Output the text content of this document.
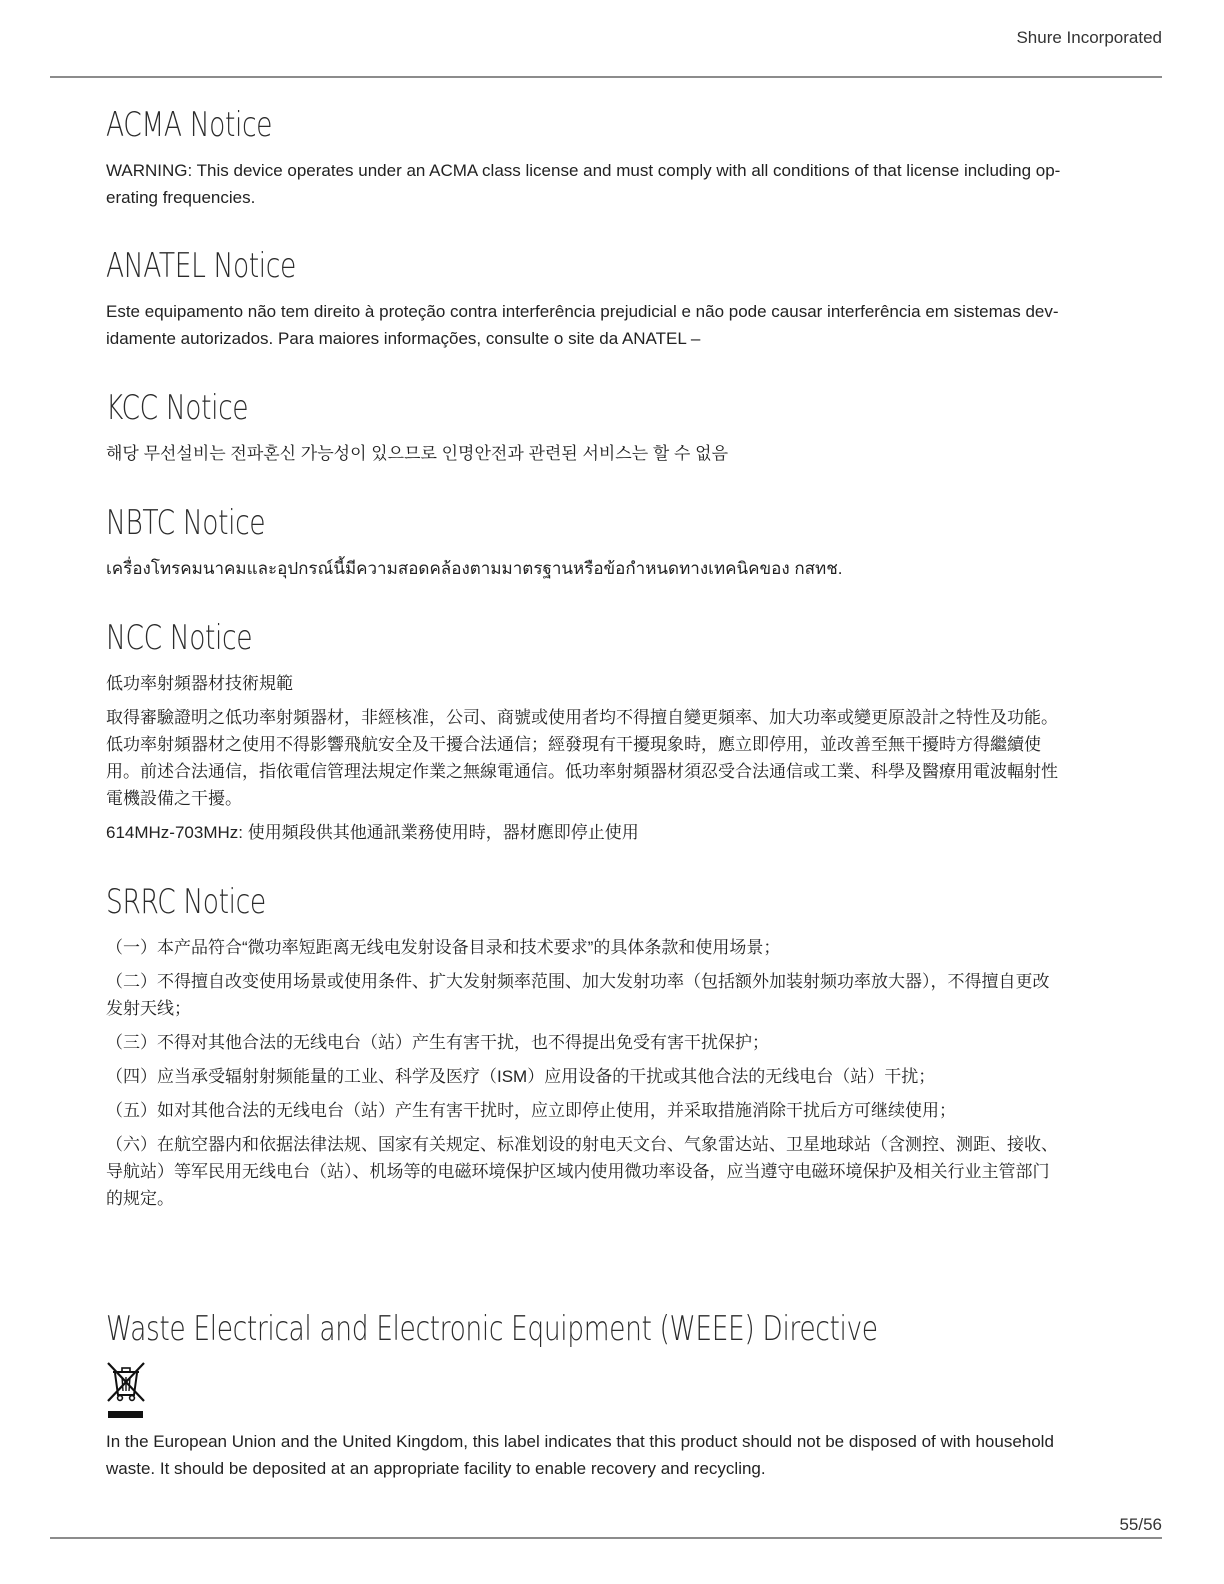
Shure Incorporated
ACMA Notice

WARNING: This device operates under an ACMA class license and must comply with all conditions of that license including op-

erating frequencies.

ANATEL Notice

Este equipamento não tem direito à proteção contra interferência prejudicial e não pode causar interferência em sistemas dev-

idamente autorizados. Para maiores informações, consulte o site da ANATEL –

KCC Notice

해당 무선설비는 전파혼신 가능성이 있으므로 인명안전과 관련된 서비스는 할 수 없음

NBTC Notice

เครื่องโทรคมนาคมและอุปกรณ์นี้มีความสอดคล้องตามมาตรฐานหรือข้อกำหนดทางเทคนิคของ กสทช.

NCC Notice

低功率射頻器材技術規範

取得審驗證明之低功率射頻器材，非經核准，公司、商號或使用者均不得擅自變更頻率、加大功率或變更原設計之特性及功能。

低功率射頻器材之使用不得影響飛航安全及干擾合法通信；經發現有干擾現象時，應立即停用，並改善至無干擾時方得繼續使

用。前述合法通信，指依電信管理法規定作業之無線電通信。低功率射頻器材須忍受合法通信或工業、科學及醫療用電波輻射性

電機設備之干擾。

614MHz-703MHz: 使用頻段供其他通訊業務使用時，器材應即停止使用

SRRC Notice

（一）本产品符合“微功率短距离无线电发射设备目录和技术要求”的具体条款和使用场景；

（二）不得擅自改变使用场景或使用条件、扩大发射频率范围、加大发射功率（包括额外加装射频功率放大器），不得擅自更改

发射天线；

（三）不得对其他合法的无线电台（站）产生有害干扰，也不得提出免受有害干扰保护；

（四）应当承受辐射射频能量的工业、科学及医疗（ISM）应用设备的干扰或其他合法的无线电台（站）干扰；

（五）如对其他合法的无线电台（站）产生有害干扰时，应立即停止使用，并采取措施消除干扰后方可继续使用；

（六）在航空器内和依据法律法规、国家有关规定、标准划设的射电天文台、气象雷达站、卫星地球站（含测控、测距、接收、

导航站）等军民用无线电台（站）、机场等的电磁环境保护区域内使用微功率设备，应当遵守电磁环境保护及相关行业主管部门

的规定。

Waste Electrical and Electronic Equipment (WEEE) Directive

In the European Union and the United Kingdom, this label indicates that this product should not be disposed of with household

waste. It should be deposited at an appropriate facility to enable recovery and recycling.

55/56
